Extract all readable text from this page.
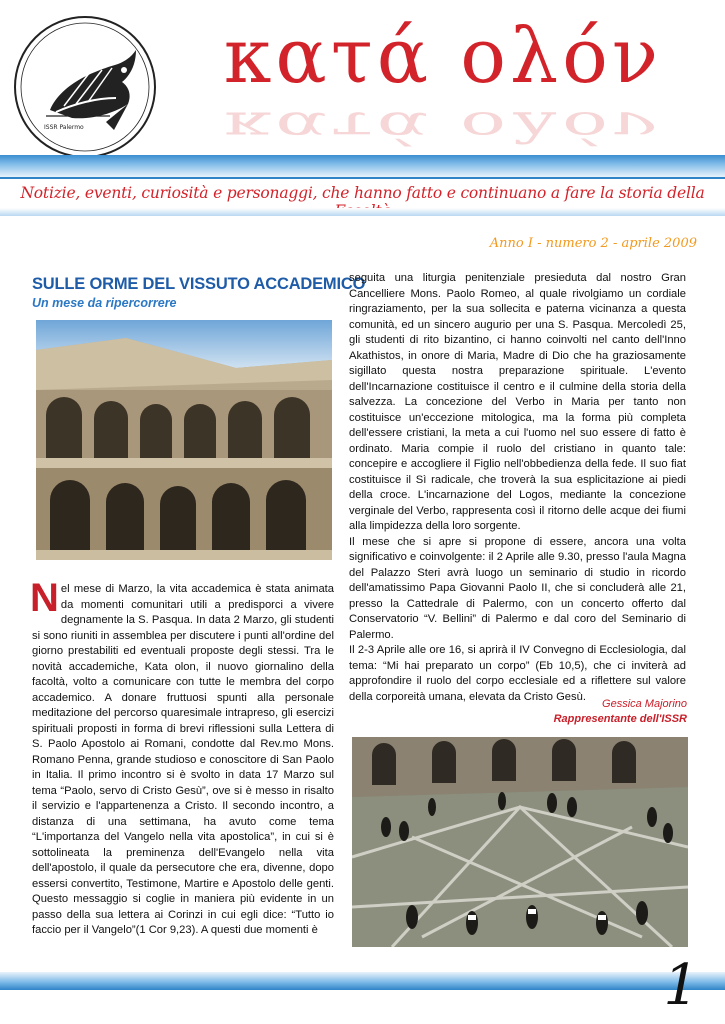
ISSR Palermo
κατά ολόν
κατά ολόν
Notizie, eventi, curiosità e personaggi, che hanno fatto e continuano a fare la storia della
Anno I - numero 2 - aprile 2009
SULLE ORME DEL VISSUTO ACCADEMICO
Un mese da ripercorrere
N el mese di Marzo, la vita accademica è stata animata da momenti comunitari utili a predisporci a vivere degnamente la S. Pasqua. In data 2 Marzo, gli studenti si sono riuniti in assemblea per discutere i punti all'ordine del giorno prestabiliti ed eventuali proposte degli stessi. Tra le novità accademiche, Kata olon, il nuovo giornalino della facoltà, volto a comunicare con tutte le membra del corpo accademico. A donare fruttuosi spunti alla personale meditazione del percorso quaresimale intrapreso, gli esercizi spirituali proposti in forma di brevi riflessioni sulla Lettera di S. Paolo Apostolo ai Romani, condotte dal Rev.mo Mons. Romano Penna, grande studioso e conoscitore di San Paolo in Italia. Il primo incontro si è svolto in data 17 Marzo sul tema “Paolo, servo di Cristo Gesù”, ove si è messo in risalto il servizio e l'appartenenza a Cristo. Il secondo incontro, a distanza di una settimana, ha avuto come tema “L'importanza del Vangelo nella vita apostolica”, in cui si è sottolineata la preminenza dell'Evangelo nella vita dell'apostolo, il quale da persecutore che era, divenne, dopo essersi convertito, Testimone, Martire e Apostolo delle genti. Questo messaggio si coglie in maniera più evidente in un passo della sua lettera ai Corinzi in cui egli dice: “Tutto io faccio per il Vangelo”(1 Cor 9,23). A questi due momenti è

seguita una liturgia penitenziale presieduta dal nostro Gran Cancelliere Mons. Paolo Romeo, al quale rivolgiamo un cordiale ringraziamento, per la sua sollecita e paterna vicinanza a questa comunità, ed un sincero augurio per una S. Pasqua. Mercoledì 25, gli studenti di rito bizantino, ci hanno coinvolti nel canto dell'Inno Akathistos, in onore di Maria, Madre di Dio che ha graziosamente sigillato questa nostra preparazione spirituale. L'evento dell'Incarnazione costituisce il centro e il culmine della storia della salvezza. La concezione del Verbo in Maria per tanto non costituisce un'eccezione mitologica, ma la forma più completa dell'essere cristiani, la meta a cui l'uomo nel suo essere di fatto è ordinato. Maria compie il ruolo del cristiano in quanto tale: concepire e accogliere il Figlio nell'obbedienza della fede. Il suo fiat costituisce il Sì radicale, che troverà la sua esplicitazione ai piedi della croce. L'incarnazione del Logos, mediante la concezione verginale del Verbo, rappresenta così il ritorno delle acque dei fiumi alla limpidezza della loro sorgente.

Il mese che si apre si propone di essere, ancora una volta significativo e coinvolgente: il 2 Aprile alle 9.30, presso l'aula Magna del Palazzo Steri avrà luogo un seminario di studio in ricordo dell'amatissimo Papa Giovanni Paolo II, che si concluderà alle 21, presso la Cattedrale di Palermo, con un concerto offerto dal Conservatorio “V. Bellini” di Palermo e dal coro del Seminario di Palermo.

Il 2-3 Aprile alle ore 16, si aprirà il IV Convegno di Ecclesiologia, dal tema: “Mi hai preparato un corpo” (Eb 10,5), che ci inviterà ad approfondire il ruolo del corpo ecclesiale ed a riflettere sul valore della corporeità umana, elevata da Cristo Gesù.

Gessica Majorino
Rappresentante dell'ISSR
1
